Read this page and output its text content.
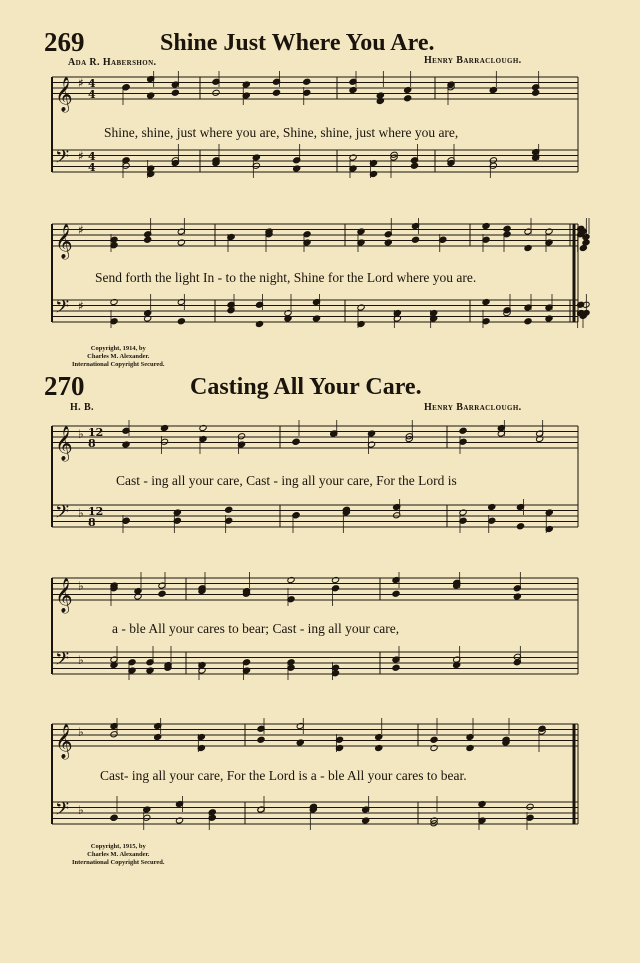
269	Shine Just Where You Are.
Ada R. Habershon.	Henry Barraclough.
Shine, shine, just where you are, Shine, shine, just where you are,
Send forth the light In - to the night, Shine for the Lord where you are.
Copyright, 1914, by
Charles M. Alexander.
International Copyright Secured.
270	Casting All Your Care.
H. B.	Henry Barraclough.
Cast - ing all your care, Cast - ing all your care, For the Lord is
a - ble All your cares to bear; Cast - ing all your care,
Cast- ing all your care, For the Lord is a - ble All your cares to bear.
Copyright, 1915, by
Charles M. Alexander.
International Copyright Secured.
𝄞 ♯ 4
4
𝄢 ♯ 4
4
𝄞 ♯
𝄢 ♯
𝄞 ♭ 12
8
𝄢 ♭ 12
8
𝄞 ♭
𝄢 ♭
𝄞 ♭
𝄢 ♭
